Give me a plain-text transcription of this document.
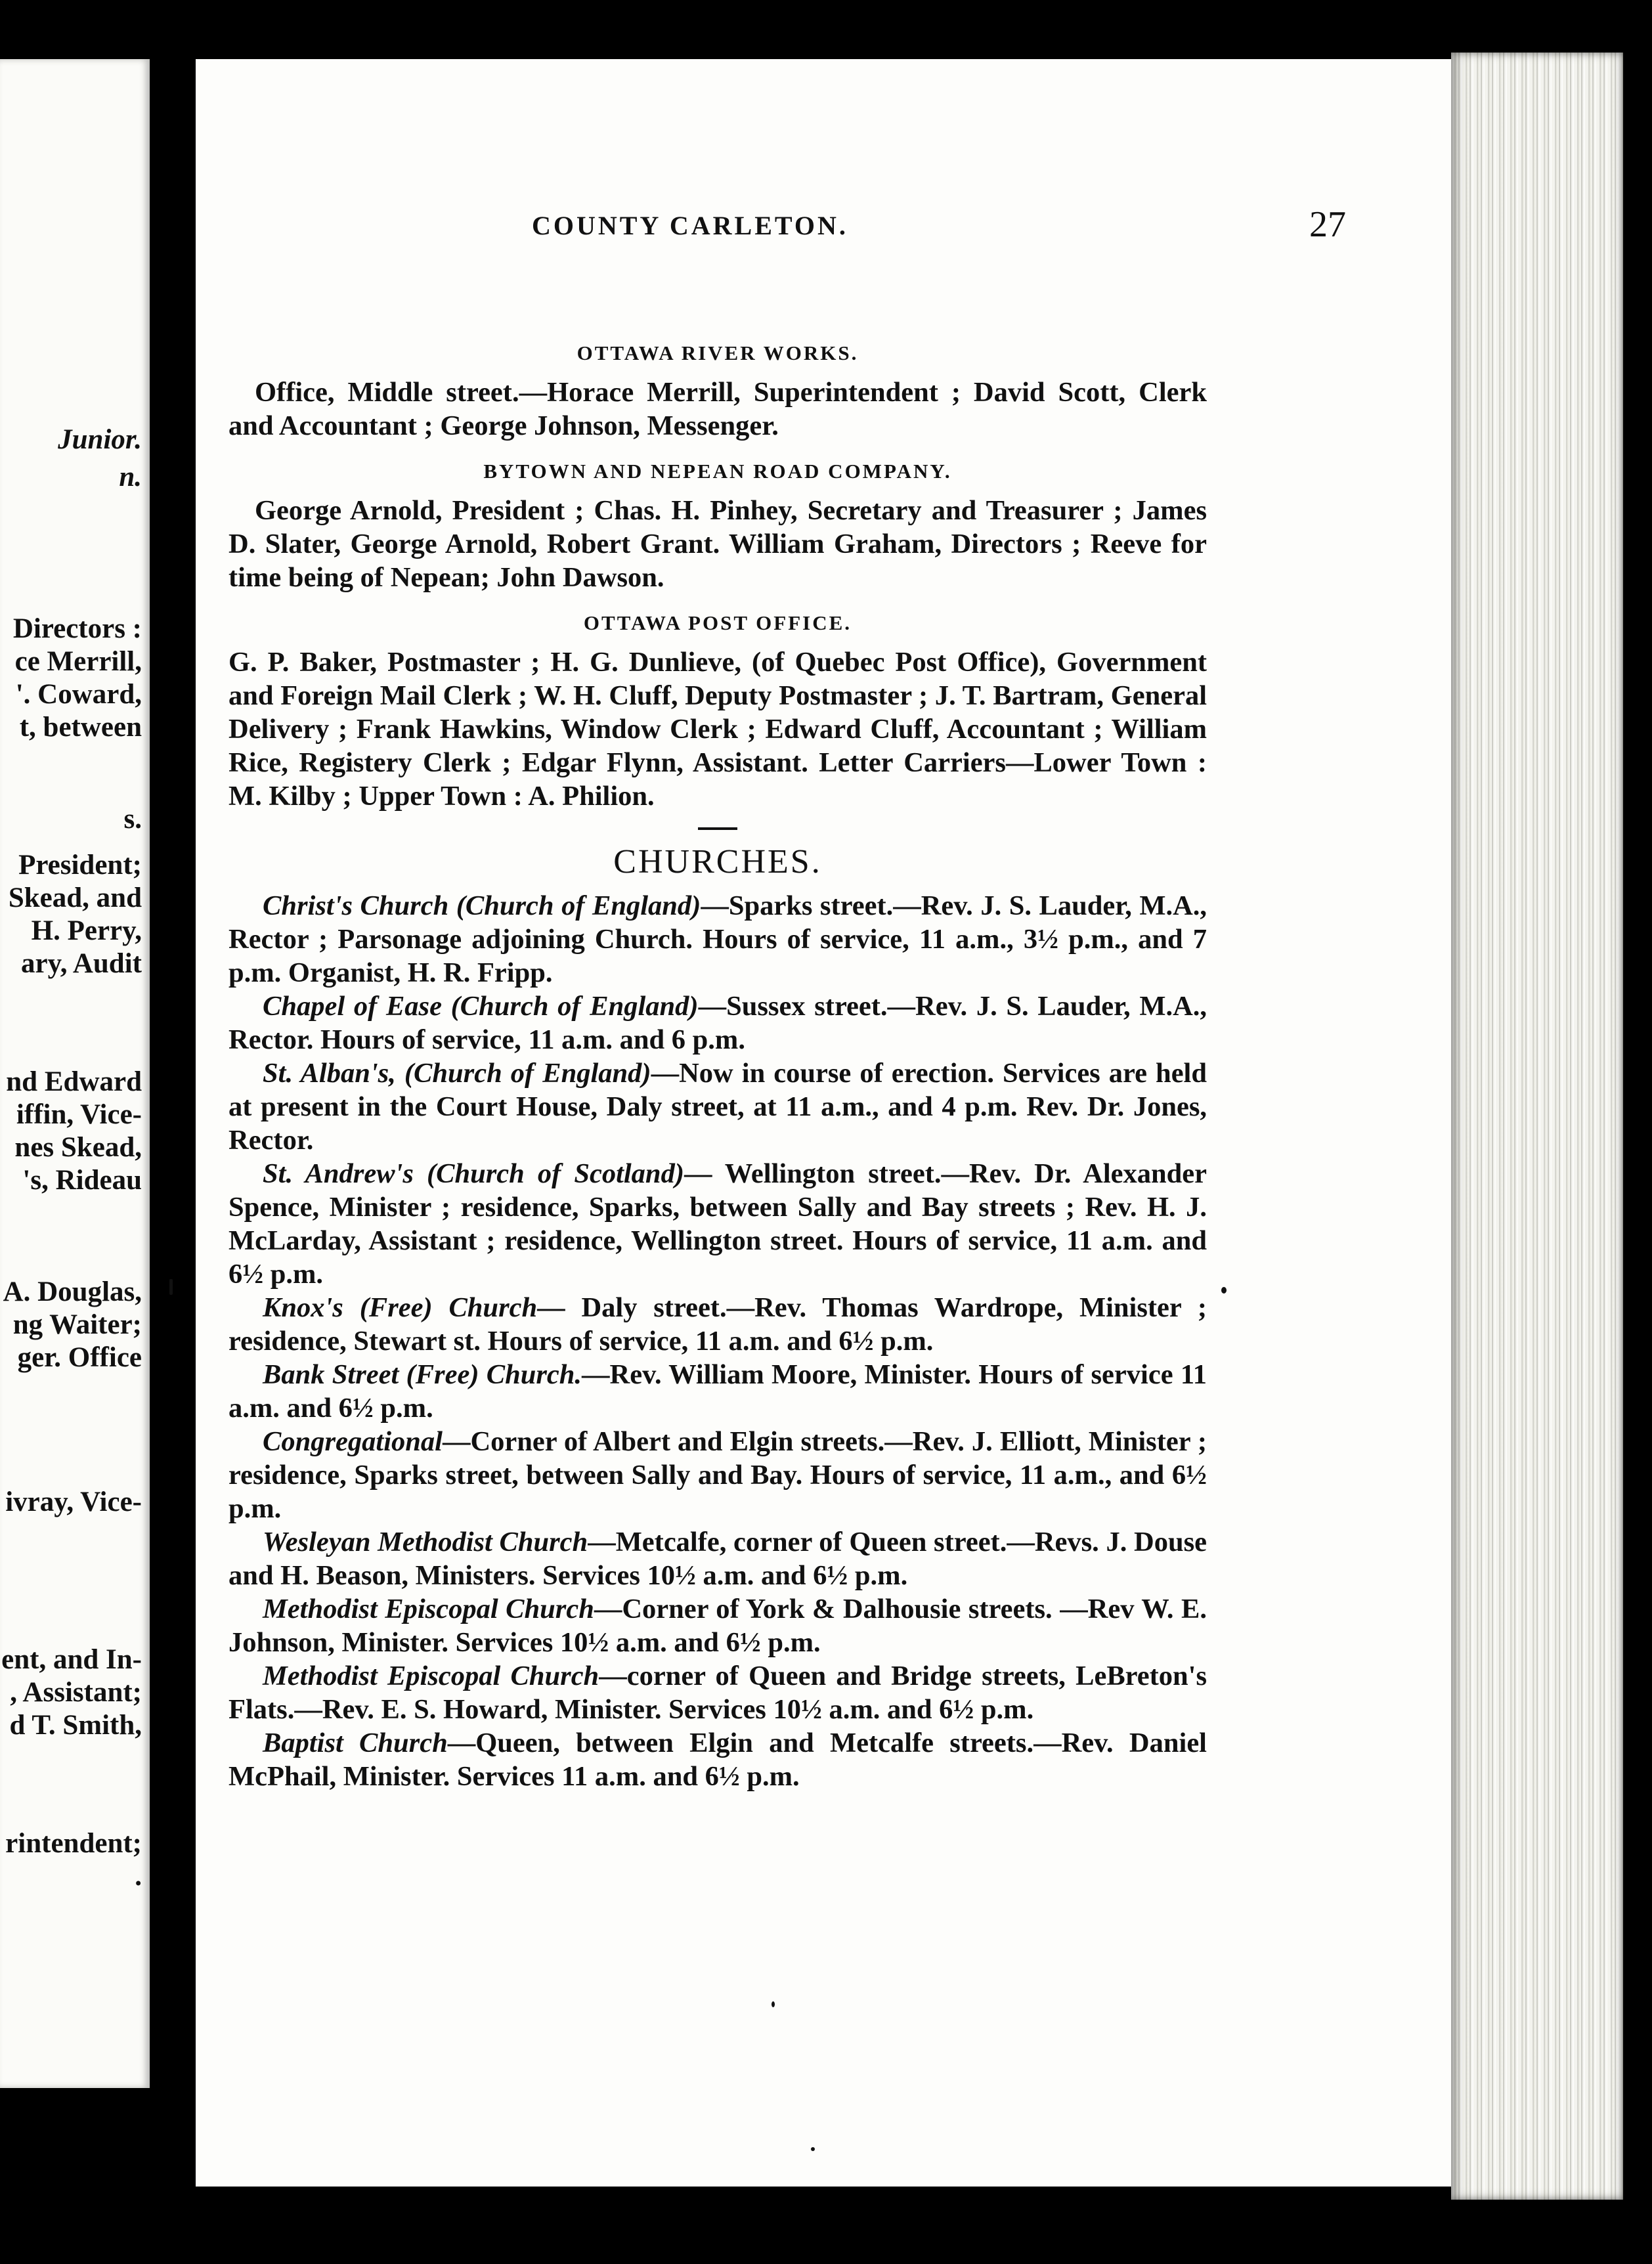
Junior.
n.
Directors :
ce Merrill,
'. Coward,
t, between
s.
President;
Skead, and
H. Perry,
ary, Audit
nd Edward
iffin, Vice-
nes Skead,
's, Rideau
A. Douglas,
ng Waiter;
ger. Office
ivray, Vice-
ent, and In-
, Assistant;
d T. Smith,
rintendent;
.
COUNTY CARLETON.	27
OTTAWA RIVER WORKS.

Office, Middle street.—Horace Merrill, Superintendent ; David Scott, Clerk and Accountant ; George Johnson, Messenger.

BYTOWN AND NEPEAN ROAD COMPANY.

George Arnold, President ; Chas. H. Pinhey, Secretary and Treasurer ; James D. Slater, George Arnold, Robert Grant. William Graham, Directors ; Reeve for time being of Nepean; John Dawson.

OTTAWA POST OFFICE.

G. P. Baker, Postmaster ; H. G. Dunlieve, (of Quebec Post Office), Government and Foreign Mail Clerk ; W. H. Cluff, Deputy Postmaster ; J. T. Bartram, General Delivery ; Frank Hawkins, Window Clerk ; Edward Cluff, Accountant ; William Rice, Registery Clerk ; Edgar Flynn, Assistant. Letter Carriers—Lower Town : M. Kilby ; Upper Town : A. Philion.

CHURCHES.

Christ's Church (Church of England)—Sparks street.—Rev. J. S. Lauder, M.A., Rector ; Parsonage adjoining Church. Hours of service, 11 a.m., 3½ p.m., and 7 p.m. Organist, H. R. Fripp.

Chapel of Ease (Church of England)—Sussex street.—Rev. J. S. Lauder, M.A., Rector. Hours of service, 11 a.m. and 6 p.m.

St. Alban's, (Church of England)—Now in course of erection. Services are held at present in the Court House, Daly street, at 11 a.m., and 4 p.m. Rev. Dr. Jones, Rector.

St. Andrew's (Church of Scotland)— Wellington street.—Rev. Dr. Alexander Spence, Minister ; residence, Sparks, between Sally and Bay streets ; Rev. H. J. McLarday, Assistant ; residence, Wellington street. Hours of service, 11 a.m. and 6½ p.m.

Knox's (Free) Church— Daly street.—Rev. Thomas Wardrope, Minister ; residence, Stewart st. Hours of service, 11 a.m. and 6½ p.m.

Bank Street (Free) Church.—Rev. William Moore, Minister. Hours of service 11 a.m. and 6½ p.m.

Congregational—Corner of Albert and Elgin streets.—Rev. J. Elliott, Minister ; residence, Sparks street, between Sally and Bay. Hours of service, 11 a.m., and 6½ p.m.

Wesleyan Methodist Church—Metcalfe, corner of Queen street.—Revs. J. Douse and H. Beason, Ministers. Services 10½ a.m. and 6½ p.m.

Methodist Episcopal Church—Corner of York & Dalhousie streets. —Rev W. E. Johnson, Minister. Services 10½ a.m. and 6½ p.m.

Methodist Episcopal Church—corner of Queen and Bridge streets, LeBreton's Flats.—Rev. E. S. Howard, Minister. Services 10½ a.m. and 6½ p.m.

Baptist Church—Queen, between Elgin and Metcalfe streets.—Rev. Daniel McPhail, Minister. Services 11 a.m. and 6½ p.m.
